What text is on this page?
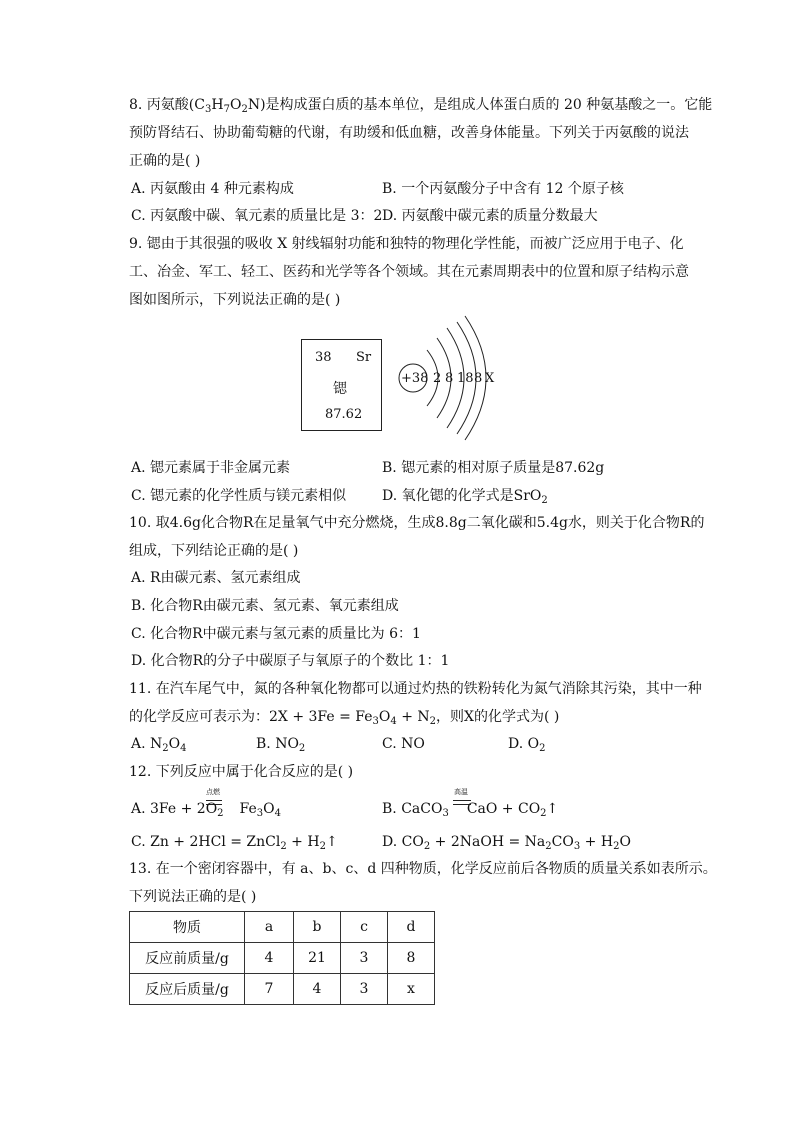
8. 丙氨酸$(C_3H_7O_2N)$是构成蛋白质的基本单位，是组成人体蛋白质的 20 种氨基酸之一。它能
预防肾结石、协助葡萄糖的代谢，有助缓和低血糖，改善身体能量。下列关于丙氨酸的说法
正确的是( )
A. 丙氨酸由 4 种元素构成	B. 一个丙氨酸分子中含有 12 个原子核
C. 丙氨酸中碳、氧元素的质量比是 3：2 D. 丙氨酸中碳元素的质量分数最大
9. 锶由于其很强的吸收 X 射线辐射功能和独特的物理化学性能，而被广泛应用于电子、化
工、冶金、军工、轻工、医药和光学等各个领域。其在元素周期表中的位置和原子结构示意
图如图所示，下列说法正确的是( )
38 Sr
锶
87.62
+38 2 8 18 8 X
A. 锶元素属于非金属元素	B. 锶元素的相对原子质量是87.62g
C. 锶元素的化学性质与镁元素相似	D. 氧化锶的化学式是SrO$_2$
10. 取4.6g化合物R在足量氧气中充分燃烧，生成8.8g二氧化碳和5.4g水，则关于化合物R的
组成，下列结论正确的是( )
A. R由碳元素、氢元素组成
B. 化合物R由碳元素、氢元素、氧元素组成
C. 化合物R中碳元素与氢元素的质量比为 6：1
D. 化合物R的分子中碳原子与氧原子的个数比 1：1
11. 在汽车尾气中，氮的各种氧化物都可以通过灼热的铁粉转化为氮气消除其污染，其中一种
的化学反应可表示为：$2X + 3Fe = Fe_3O_4 + N_2$，则X的化学式为( )
A. $N_2O_4$	B. $NO_2$	C. NO	D. $O_2$
12. 下列反应中属于化合反应的是( )
点燃
A. $3Fe + 2O_2$ $Fe_3O_4$
高温
B. CaCO$_3$ CaO + $CO_2↑$
C. Zn + 2HCl = ZnCl$_2$ + $H_2↑$	D. $CO_2$ + 2NaOH = $Na_2CO_3 + H_2O$
13. 在一个密闭容器中，有 a、b、c、d 四种物质，化学反应前后各物质的质量关系如表所示。
下列说法正确的是( )
物质	a	b	c	d
反应前质量/g	4	21	3	8
反应后质量/g	7	4	3	x
